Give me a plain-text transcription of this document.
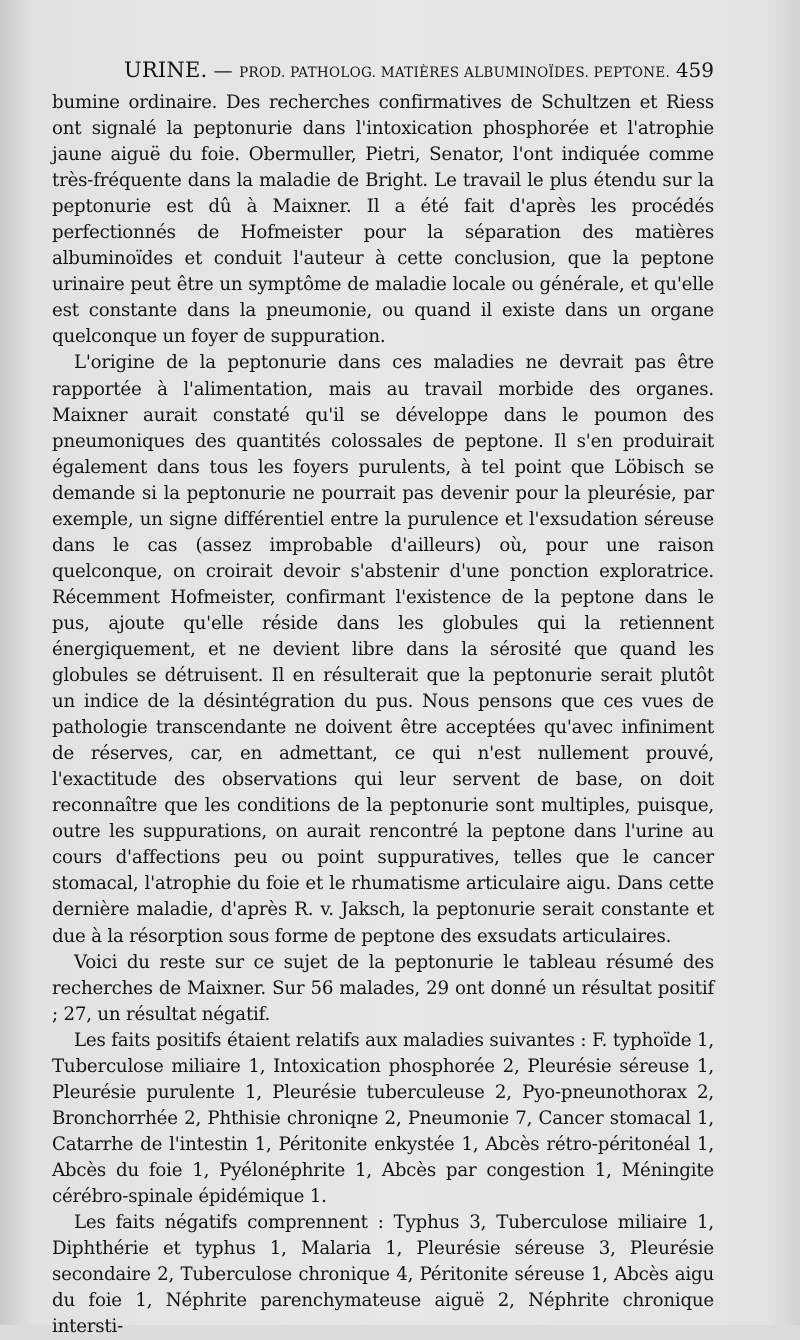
URINE. — PROD. PATHOLOG. MATIÈRES ALBUMINOÏDES. PEPTONE. 459

bumine ordinaire. Des recherches confirmatives de Schultzen et Riess ont signalé la peptonurie dans l'intoxication phosphorée et l'atrophie jaune aiguë du foie. Obermuller, Pietri, Senator, l'ont indiquée comme très-fréquente dans la maladie de Bright. Le travail le plus étendu sur la peptonurie est dû à Maixner. Il a été fait d'après les procédés perfectionnés de Hofmeister pour la séparation des matières albuminoïdes et conduit l'auteur à cette conclusion, que la peptone urinaire peut être un symptôme de maladie locale ou générale, et qu'elle est constante dans la pneumonie, ou quand il existe dans un organe quelconque un foyer de suppuration.

L'origine de la peptonurie dans ces maladies ne devrait pas être rapportée à l'alimentation, mais au travail morbide des organes. Maixner aurait constaté qu'il se développe dans le poumon des pneumoniques des quantités colossales de peptone. Il s'en produirait également dans tous les foyers purulents, à tel point que Löbisch se demande si la peptonurie ne pourrait pas devenir pour la pleurésie, par exemple, un signe différentiel entre la purulence et l'exsudation séreuse dans le cas (assez improbable d'ailleurs) où, pour une raison quelconque, on croirait devoir s'abstenir d'une ponction exploratrice. Récemment Hofmeister, confirmant l'existence de la peptone dans le pus, ajoute qu'elle réside dans les globules qui la retiennent énergiquement, et ne devient libre dans la sérosité que quand les globules se détruisent. Il en résulterait que la peptonurie serait plutôt un indice de la désintégration du pus. Nous pensons que ces vues de pathologie transcendante ne doivent être acceptées qu'avec infiniment de réserves, car, en admettant, ce qui n'est nullement prouvé, l'exactitude des observations qui leur servent de base, on doit reconnaître que les conditions de la peptonurie sont multiples, puisque, outre les suppurations, on aurait rencontré la peptone dans l'urine au cours d'affections peu ou point suppuratives, telles que le cancer stomacal, l'atrophie du foie et le rhumatisme articulaire aigu. Dans cette dernière maladie, d'après R. v. Jaksch, la peptonurie serait constante et due à la résorption sous forme de peptone des exsudats articulaires.

Voici du reste sur ce sujet de la peptonurie le tableau résumé des recherches de Maixner. Sur 56 malades, 29 ont donné un résultat positif ; 27, un résultat négatif.

Les faits positifs étaient relatifs aux maladies suivantes : F. typhoïde 1, Tuberculose miliaire 1, Intoxication phosphorée 2, Pleurésie séreuse 1, Pleurésie purulente 1, Pleurésie tuberculeuse 2, Pyo-pneunothorax 2, Bronchorrhée 2, Phthisie chroniqne 2, Pneumonie 7, Cancer stomacal 1, Catarrhe de l'intestin 1, Péritonite enkystée 1, Abcès rétro-péritonéal 1, Abcès du foie 1, Pyélonéphrite 1, Abcès par congestion 1, Méningite cérébro-spinale épidémique 1.

Les faits négatifs comprennent : Typhus 3, Tuberculose miliaire 1, Diphthérie et typhus 1, Malaria 1, Pleurésie séreuse 3, Pleurésie secondaire 2, Tuberculose chronique 4, Péritonite séreuse 1, Abcès aigu du foie 1, Néphrite parenchymateuse aiguë 2, Néphrite chronique intersti-
